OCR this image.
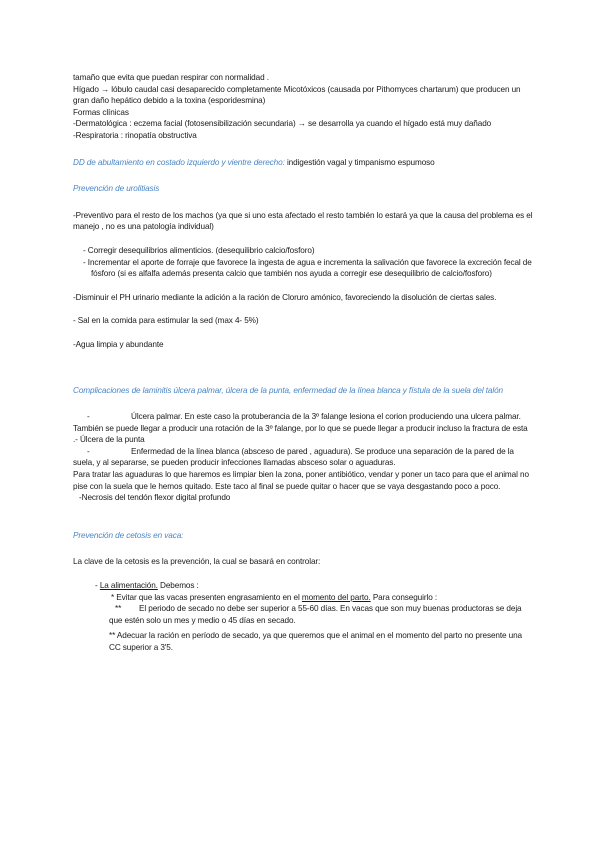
tamaño que evita que puedan respirar con normalidad .

Hígado → lóbulo caudal casi desaparecido completamente Micotóxicos (causada por Pithomyces chartarum) que producen un gran daño hepático debido a la toxina (esporidesmina)

Formas clínicas

-Dermatológica : eczema facial (fotosensibilización secundaria) → se desarrolla ya cuando el hígado está muy dañado

-Respiratoria : rinopatía obstructiva

DD de abultamiento en costado izquierdo y vientre derecho: indigestión vagal y timpanismo espumoso

Prevención de urolitiasis

-Preventivo para el resto de los machos (ya que si uno esta afectado el resto también lo estará ya que la causa del problema es el manejo , no es una patología individual)

- Corregir desequilibrios alimenticios. (desequilibrio calcio/fosforo)

- Incrementar el aporte de forraje que favorece la ingesta de agua e incrementa la salivación que favorece la excreción fecal de fósforo (si es alfalfa además presenta calcio que también nos ayuda a corregir ese desequilibrio de calcio/fosforo)

-Disminuir el PH urinario mediante la adición a la ración de Cloruro amónico, favoreciendo la disolución de ciertas sales.

- Sal en la comida para estimular la sed (max 4- 5%)

-Agua limpia y abundante

Complicaciones de laminitis úlcera palmar, úlcera de la punta, enfermedad de la línea blanca y fístula de la suela del talón

-	Úlcera palmar. En este caso la protuberancia de la 3º falange lesiona el corion produciendo una ulcera palmar. También se puede llegar a producir una rotación de la 3º falange, por lo que se puede llegar a producir incluso la fractura de esta .- Úlcera de la punta

-	Enfermedad de la línea blanca (absceso de pared , aguadura). Se produce una separación de la pared de la suela, y al separarse, se pueden producir infecciones llamadas absceso solar o aguaduras.

Para tratar las aguaduras lo que haremos es limpiar bien la zona, poner antibiótico, vendar y poner un taco para que el animal no pise con la suela que le hemos quitado. Este taco al final se puede quitar o hacer que se vaya desgastando poco a poco.

-Necrosis del tendón flexor digital profundo

Prevención de cetosis en vaca:

La clave de la cetosis es la prevención, la cual se basará en controlar:

- La alimentación. Debemos :

* Evitar que las vacas presenten engrasamiento en el momento del parto. Para conseguirlo :

** El periodo de secado no debe ser superior a 55-60 días. En vacas que son muy buenas productoras se deja que estén solo un mes y medio o 45 días en secado.

** Adecuar la ración en período de secado, ya que queremos que el animal en el momento del parto no presente una CC superior a 3'5.
